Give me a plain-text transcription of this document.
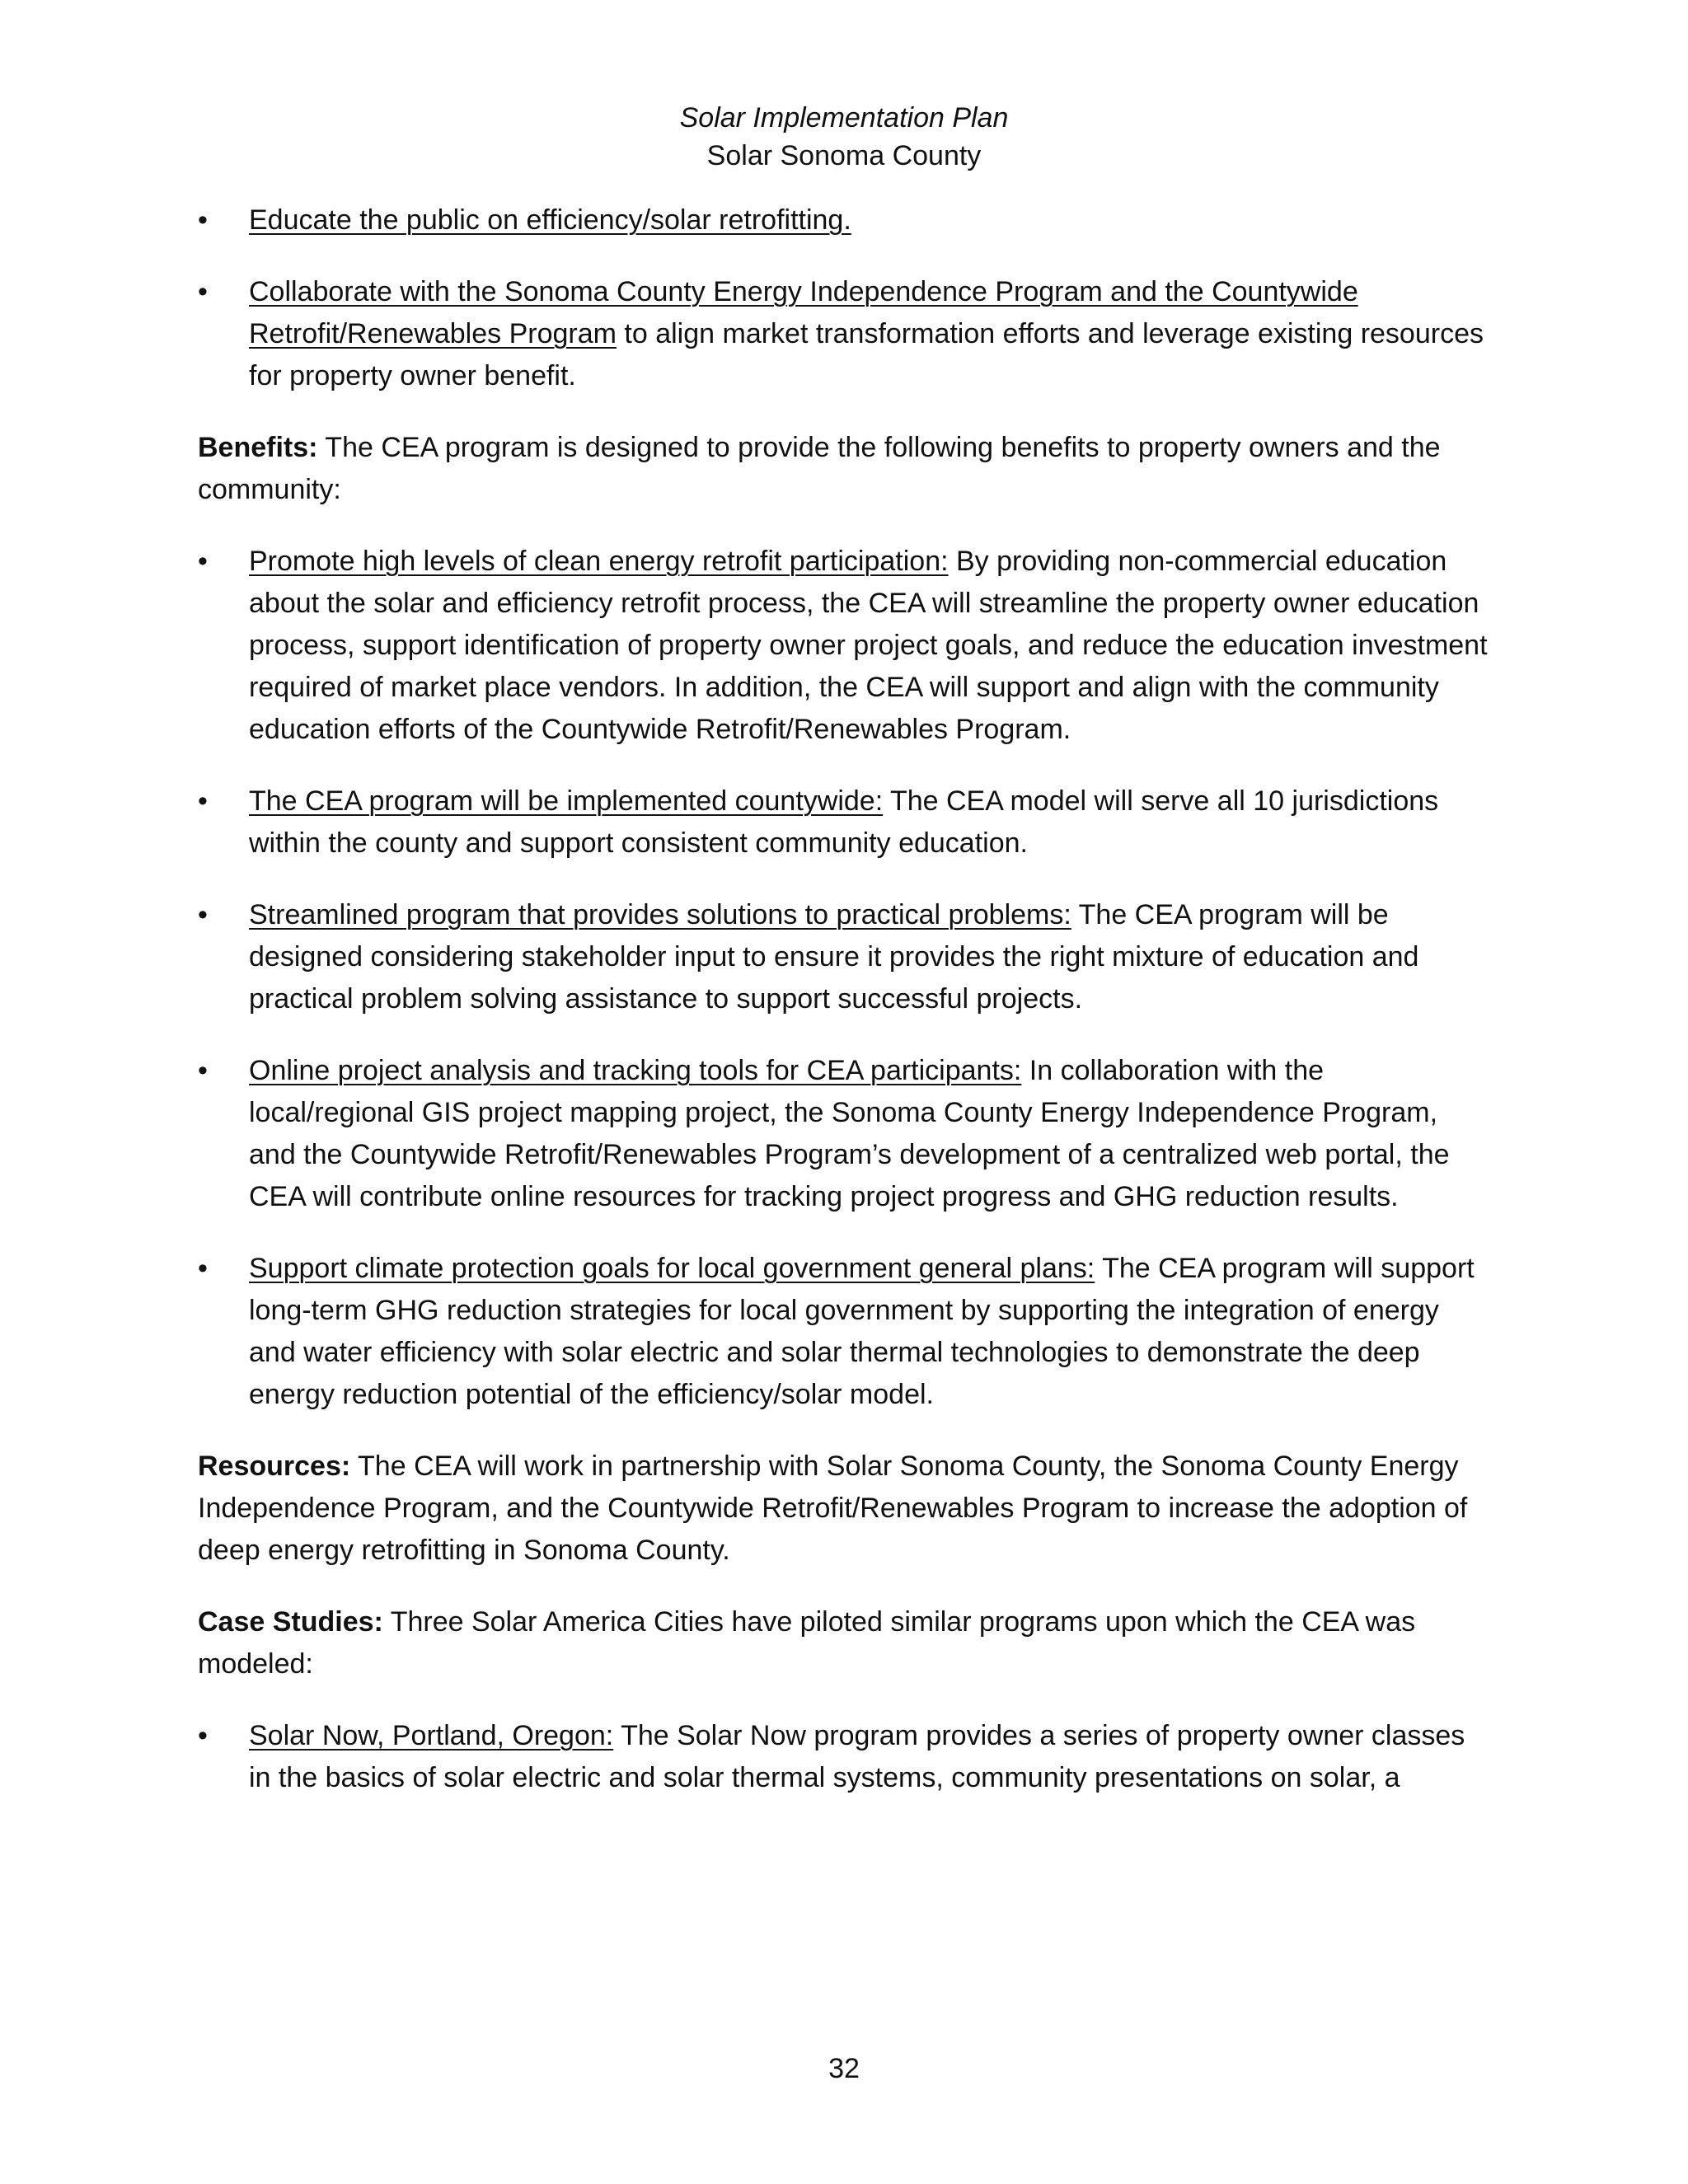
Solar Implementation Plan
Solar Sonoma County
• Educate the public on efficiency/solar retrofitting.
• Collaborate with the Sonoma County Energy Independence Program and the Countywide Retrofit/Renewables Program to align market transformation efforts and leverage existing resources for property owner benefit.

Benefits: The CEA program is designed to provide the following benefits to property owners and the community:

• Promote high levels of clean energy retrofit participation: By providing non-commercial education about the solar and efficiency retrofit process, the CEA will streamline the property owner education process, support identification of property owner project goals, and reduce the education investment required of market place vendors. In addition, the CEA will support and align with the community education efforts of the Countywide Retrofit/Renewables Program.
• The CEA program will be implemented countywide: The CEA model will serve all 10 jurisdictions within the county and support consistent community education.
• Streamlined program that provides solutions to practical problems: The CEA program will be designed considering stakeholder input to ensure it provides the right mixture of education and practical problem solving assistance to support successful projects.
• Online project analysis and tracking tools for CEA participants: In collaboration with the local/regional GIS project mapping project, the Sonoma County Energy Independence Program, and the Countywide Retrofit/Renewables Program’s development of a centralized web portal, the CEA will contribute online resources for tracking project progress and GHG reduction results.
• Support climate protection goals for local government general plans: The CEA program will support long-term GHG reduction strategies for local government by supporting the integration of energy and water efficiency with solar electric and solar thermal technologies to demonstrate the deep energy reduction potential of the efficiency/solar model.

Resources: The CEA will work in partnership with Solar Sonoma County, the Sonoma County Energy Independence Program, and the Countywide Retrofit/Renewables Program to increase the adoption of deep energy retrofitting in Sonoma County.

Case Studies: Three Solar America Cities have piloted similar programs upon which the CEA was modeled:

• Solar Now, Portland, Oregon: The Solar Now program provides a series of property owner classes in the basics of solar electric and solar thermal systems, community presentations on solar, a
32
